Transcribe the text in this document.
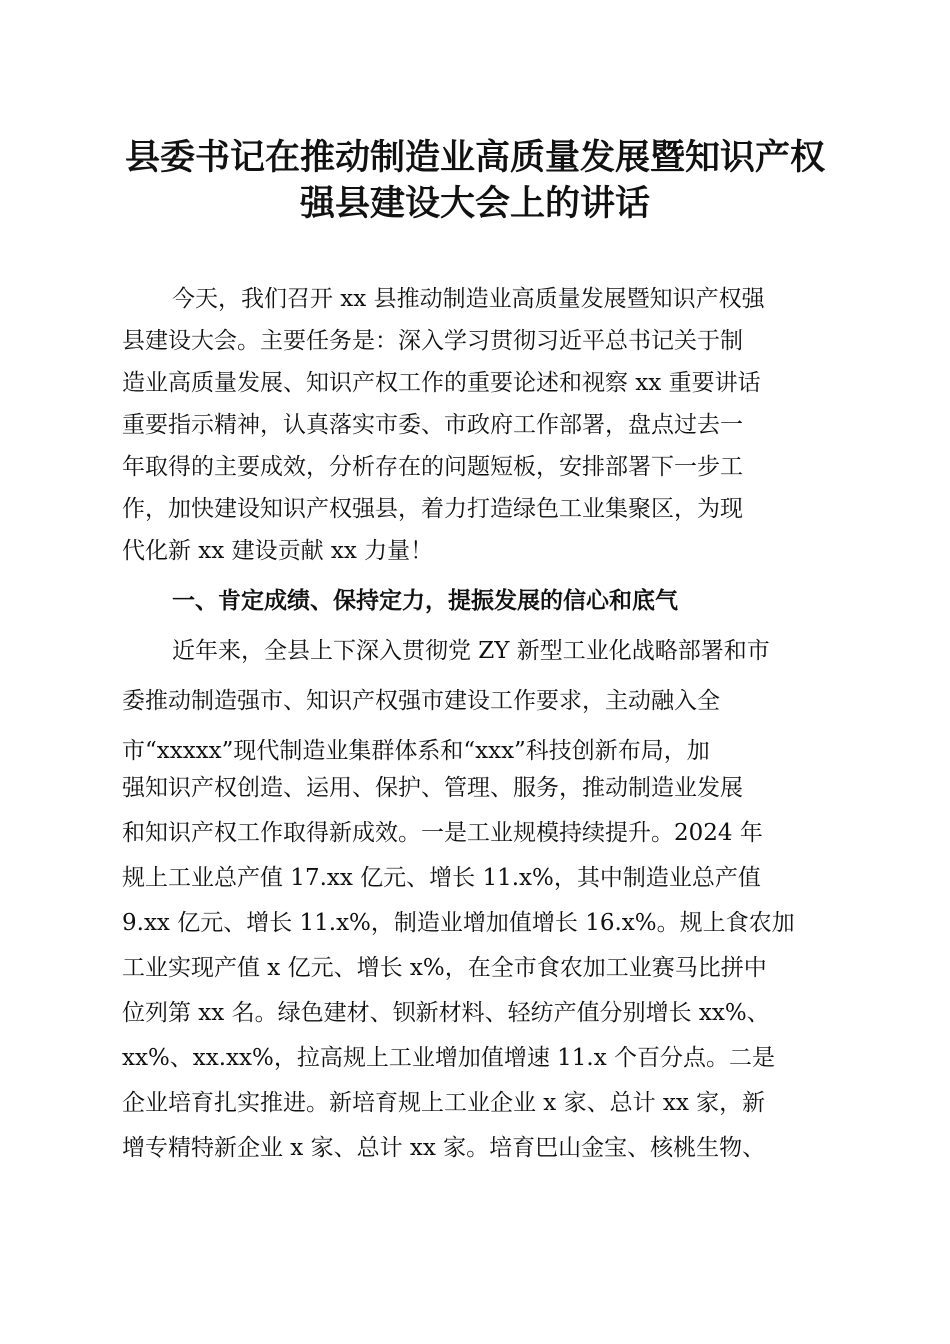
县委书记在推动制造业高质量发展暨知识产权
强县建设大会上的讲话
今天，我们召开 xx 县推动制造业高质量发展暨知识产权强
县建设大会。主要任务是：深入学习贯彻习近平总书记关于制
造业高质量发展、知识产权工作的重要论述和视察 xx 重要讲话
重要指示精神，认真落实市委、市政府工作部署，盘点过去一
年取得的主要成效，分析存在的问题短板，安排部署下一步工
作，加快建设知识产权强县，着力打造绿色工业集聚区，为现
代化新 xx 建设贡献 xx 力量！
一、肯定成绩、保持定力，提振发展的信心和底气
近年来，全县上下深入贯彻党 ZY 新型工业化战略部署和市
委推动制造强市、知识产权强市建设工作要求，主动融入全
市“xxxxx”现代制造业集群体系和“xxx”科技创新布局，加
强知识产权创造、运用、保护、管理、服务，推动制造业发展
和知识产权工作取得新成效。一是工业规模持续提升。2024 年
规上工业总产值 17.xx 亿元、增长 11.x%，其中制造业总产值
9.xx 亿元、增长 11.x%，制造业增加值增长 16.x%。规上食农加
工业实现产值 x 亿元、增长 x%，在全市食农加工业赛马比拼中
位列第 xx 名。绿色建材、钡新材料、轻纺产值分别增长 xx%、
xx%、xx.xx%，拉高规上工业增加值增速 11.x 个百分点。二是
企业培育扎实推进。新培育规上工业企业 x 家、总计 xx 家，新
增专精特新企业 x 家、总计 xx 家。培育巴山金宝、核桃生物、
